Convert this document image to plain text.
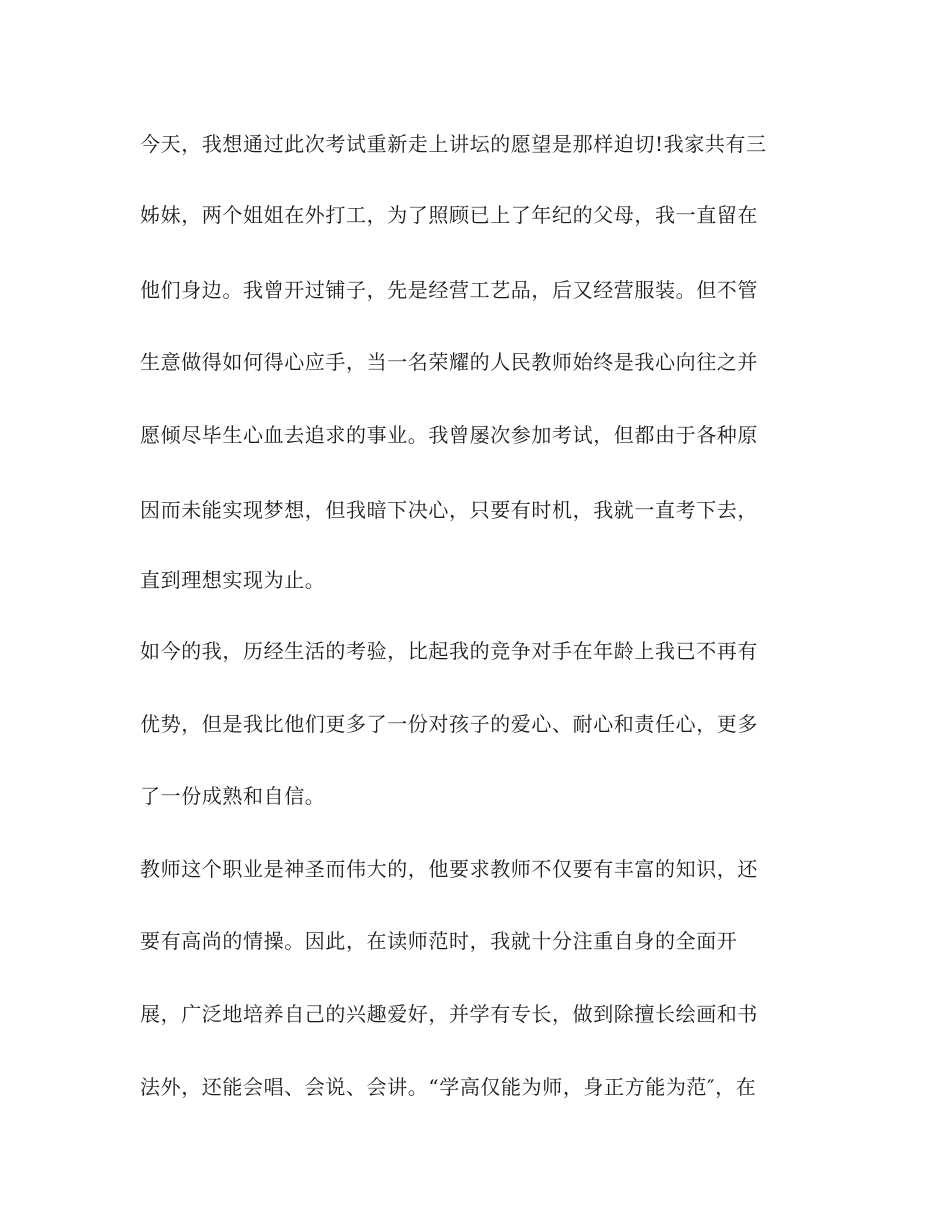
今天，我想通过此次考试重新走上讲坛的愿望是那样迫切!我家共有三
姊妹，两个姐姐在外打工，为了照顾已上了年纪的父母，我一直留在
他们身边。我曾开过铺子，先是经营工艺品，后又经营服装。但不管
生意做得如何得心应手，当一名荣耀的人民教师始终是我心向往之并
愿倾尽毕生心血去追求的事业。我曾屡次参加考试，但都由于各种原
因而未能实现梦想，但我暗下决心，只要有时机，我就一直考下去，
直到理想实现为止。
如今的我，历经生活的考验，比起我的竞争对手在年龄上我已不再有
优势，但是我比他们更多了一份对孩子的爱心、耐心和责任心，更多
了一份成熟和自信。
教师这个职业是神圣而伟大的，他要求教师不仅要有丰富的知识，还
要有高尚的情操。因此，在读师范时，我就十分注重自身的全面开
展，广泛地培养自己的兴趣爱好，并学有专长，做到除擅长绘画和书
法外，还能会唱、会说、会讲。“学高仅能为师，身正方能为范″，在
